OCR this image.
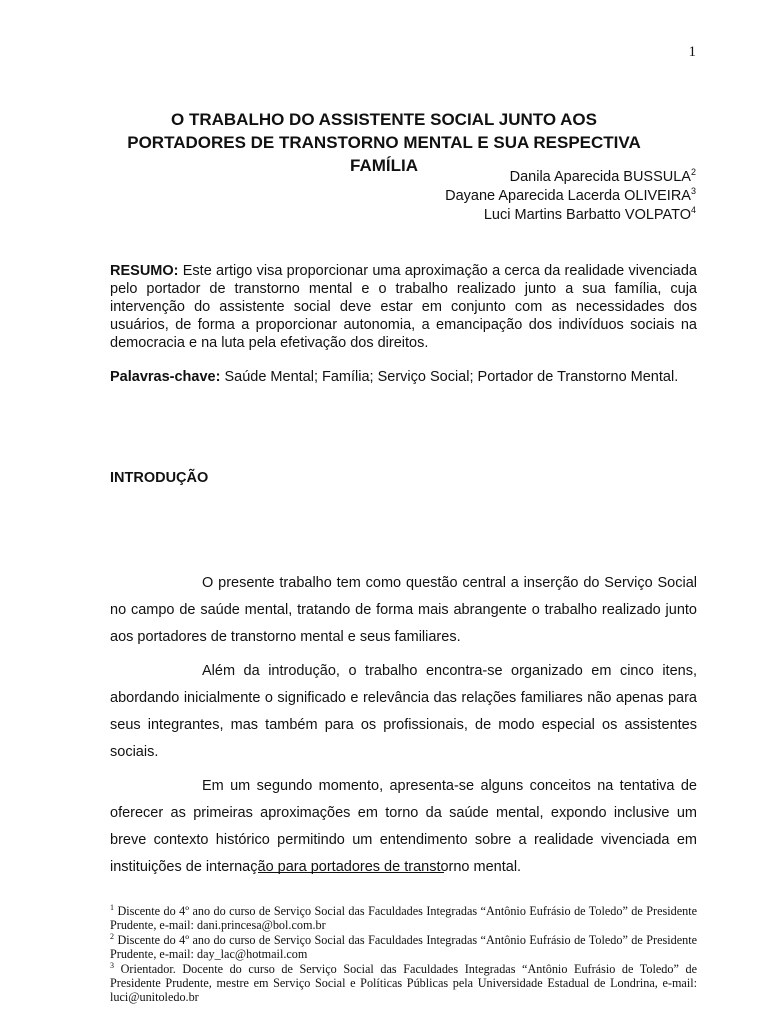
1
O TRABALHO DO ASSISTENTE SOCIAL JUNTO AOS PORTADORES DE TRANSTORNO MENTAL E SUA RESPECTIVA FAMÍLIA
Danila Aparecida BUSSULA$^2$
Dayane Aparecida Lacerda OLIVEIRA$^3$
Luci Martins Barbatto VOLPATO$^4$

RESUMO: Este artigo visa proporcionar uma aproximação a cerca da realidade vivenciada pelo portador de transtorno mental e o trabalho realizado junto a sua família, cuja intervenção do assistente social deve estar em conjunto com as necessidades dos usuários, de forma a proporcionar autonomia, a emancipação dos indivíduos sociais na democracia e na luta pela efetivação dos direitos.

Palavras-chave: Saúde Mental; Família; Serviço Social; Portador de Transtorno Mental.

INTRODUÇÃO

O presente trabalho tem como questão central a inserção do Serviço Social no campo de saúde mental, tratando de forma mais abrangente o trabalho realizado junto aos portadores de transtorno mental e seus familiares.

Além da introdução, o trabalho encontra-se organizado em cinco itens, abordando inicialmente o significado e relevância das relações familiares não apenas para seus integrantes, mas também para os profissionais, de modo especial os assistentes sociais.

Em um segundo momento, apresenta-se alguns conceitos na tentativa de oferecer as primeiras aproximações em torno da saúde mental, expondo inclusive um breve contexto histórico permitindo um entendimento sobre a realidade vivenciada em instituições de internação para portadores de transtorno mental.

$^1$ Discente do 4º ano do curso de Serviço Social das Faculdades Integradas “Antônio Eufrásio de Toledo” de Presidente Prudente, e-mail: dani.princesa@bol.com.br

$^2$ Discente do 4º ano do curso de Serviço Social das Faculdades Integradas “Antônio Eufrásio de Toledo” de Presidente Prudente, e-mail: day_lac@hotmail.com

$^3$ Orientador. Docente do curso de Serviço Social das Faculdades Integradas “Antônio Eufrásio de Toledo” de Presidente Prudente, mestre em Serviço Social e Políticas Públicas pela Universidade Estadual de Londrina, e-mail: luci@unitoledo.br
